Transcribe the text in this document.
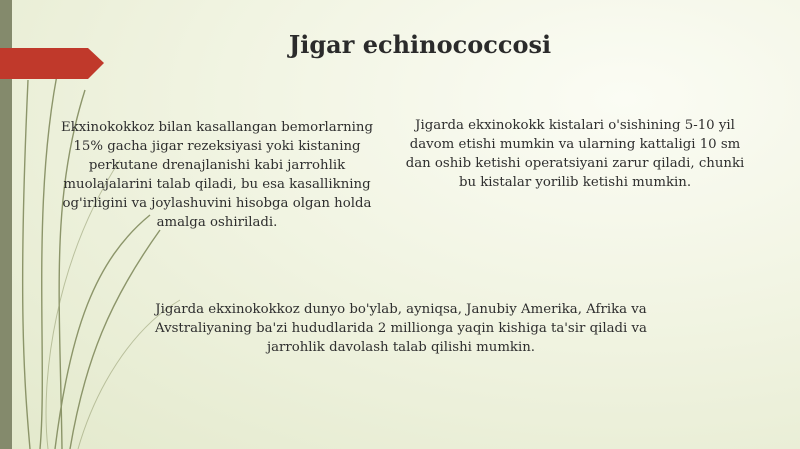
Jigar echinococcosi
Ekxinokokkoz bilan kasallangan bemorlarning 15% gacha jigar rezeksiyasi yoki kistaning perkutane drenajlanishi kabi jarrohlik muolajalarini talab qiladi, bu esa kasallikning og'irligini va joylashuvini hisobga olgan holda amalga oshiriladi.
Jigarda ekxinokokk kistalari o'sishining 5-10 yil davom etishi mumkin va ularning kattaligi 10 sm dan oshib ketishi operatsiyani zarur qiladi, chunki bu kistalar yorilib ketishi mumkin.
Jigarda ekxinokokkoz dunyo bo'ylab, ayniqsa, Janubiy Amerika, Afrika va Avstraliyaning ba'zi hududlarida 2 millionga yaqin kishiga ta'sir qiladi va jarrohlik davolash talab qilishi mumkin.
